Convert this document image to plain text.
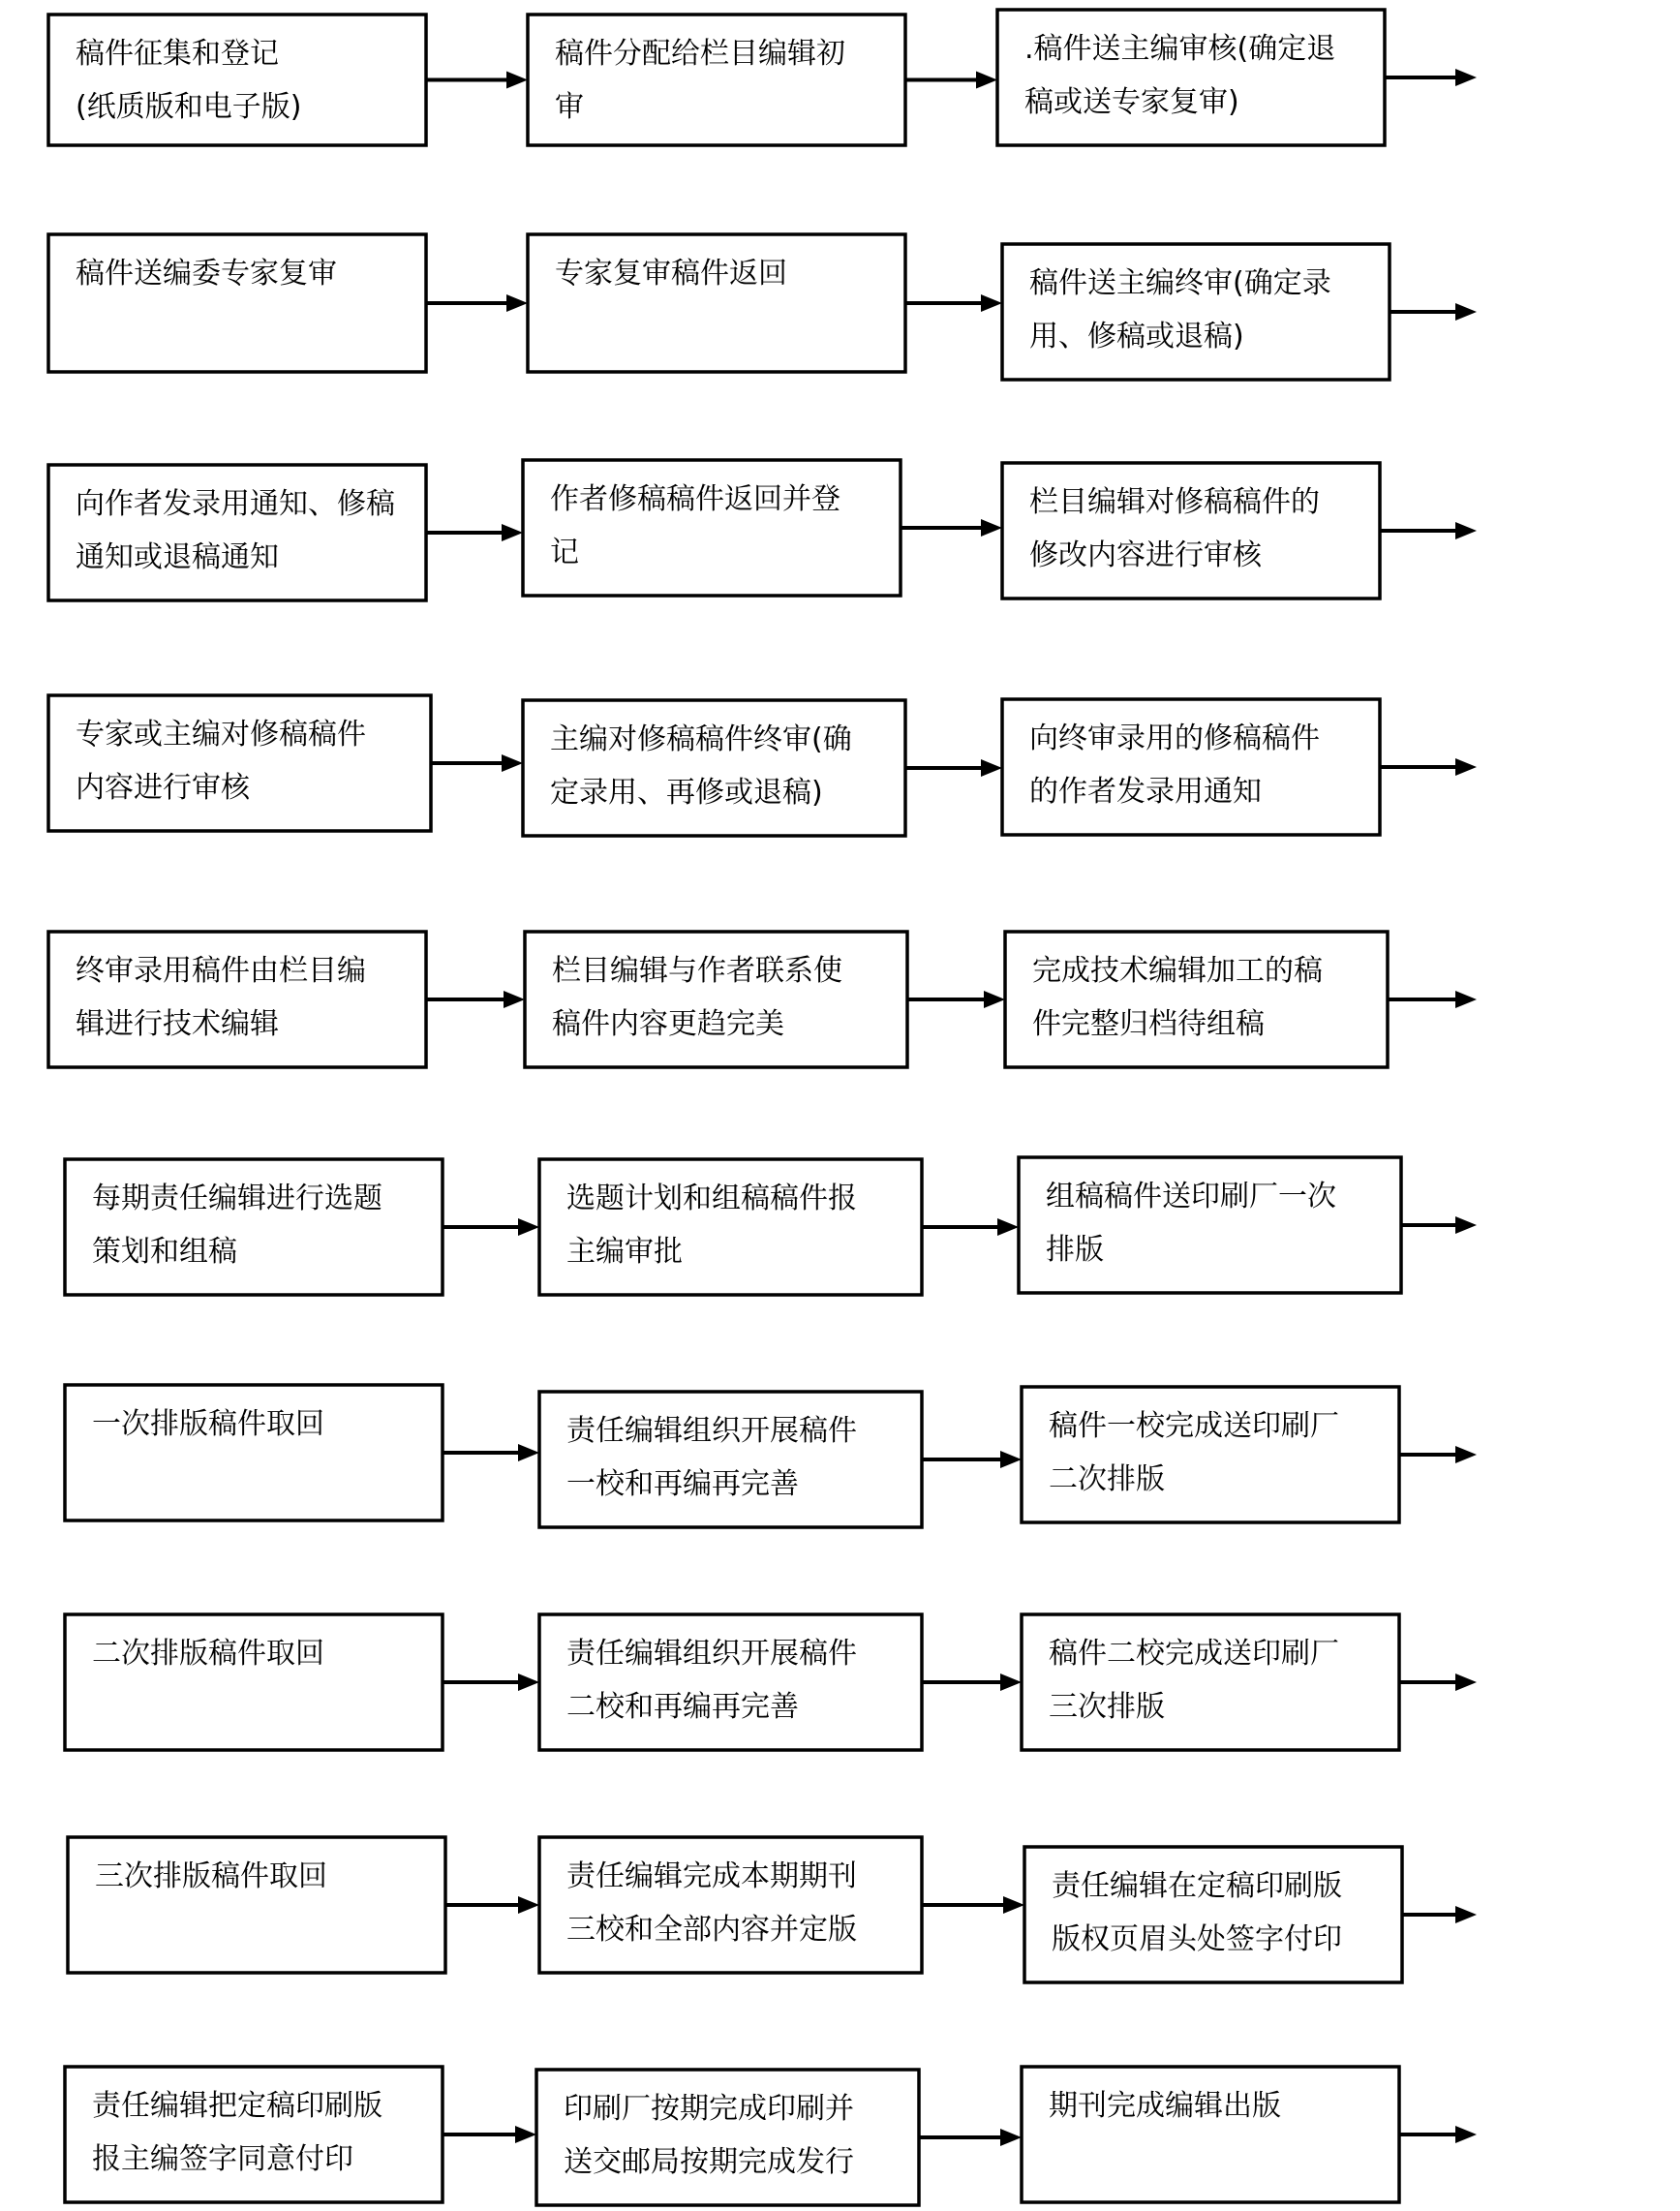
稿件征集和登记
(纸质版和电子版)
稿件分配给栏目编辑初
审
.稿件送主编审核(确定退
稿或送专家复审)
稿件送编委专家复审	专家复审稿件返回	稿件送主编终审(确定录
用、修稿或退稿)
向作者发录用通知、修稿
通知或退稿通知
作者修稿稿件返回并登
记
栏目编辑对修稿稿件的
修改内容进行审核
专家或主编对修稿稿件
内容进行审核
主编对修稿稿件终审(确
定录用、再修或退稿)
向终审录用的修稿稿件
的作者发录用通知
终审录用稿件由栏目编
辑进行技术编辑
栏目编辑与作者联系使
稿件内容更趋完美
完成技术编辑加工的稿
件完整归档待组稿
每期责任编辑进行选题
策划和组稿
选题计划和组稿稿件报
主编审批
组稿稿件送印刷厂一次
排版
一次排版稿件取回	责任编辑组织开展稿件
一校和再编再完善
稿件一校完成送印刷厂
二次排版
二次排版稿件取回	责任编辑组织开展稿件
二校和再编再完善
稿件二校完成送印刷厂
三次排版
三次排版稿件取回	责任编辑完成本期期刊
三校和全部内容并定版
责任编辑在定稿印刷版
版权页眉头处签字付印
责任编辑把定稿印刷版
报主编签字同意付印
印刷厂按期完成印刷并
送交邮局按期完成发行
期刊完成编辑出版
